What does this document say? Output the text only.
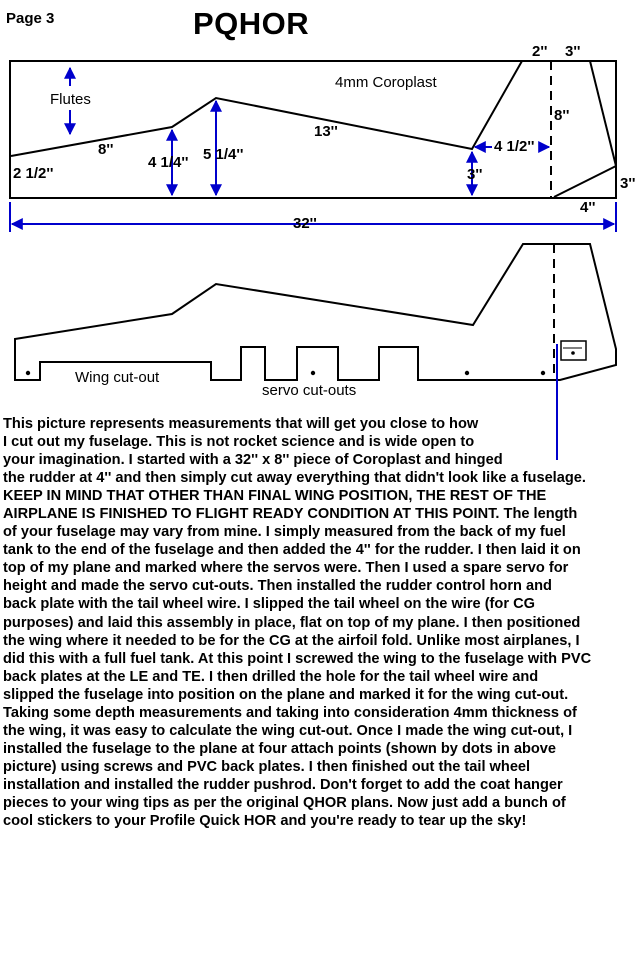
Page 3	PQHOR
4mm Coroplast
Flutes
2'' 3''
8''
2 1/2''
8''
4 1/4'' 5 1/4''
13''
4 1/2''
3''
3''
4''
32''
Wing cut-out
servo cut-outs

This picture represents measurements that will get you close to how

I cut out my fuselage. This is not rocket science and is wide open to

your imagination. I started with a 32'' x 8'' piece of Coroplast and hinged

the rudder at 4'' and then simply cut away everything that didn't look like a fuselage.

KEEP IN MIND THAT OTHER THAN FINAL WING POSITION, THE REST OF THE

AIRPLANE IS FINISHED TO FLIGHT READY CONDITION AT THIS POINT. The length

of your fuselage may vary from mine. I simply measured from the back of my fuel

tank to the end of the fuselage and then added the 4'' for the rudder. I then laid it on

top of my plane and marked where the servos were. Then I used a spare servo for

height and made the servo cut-outs. Then installed the rudder control horn and

back plate with the tail wheel wire. I slipped the tail wheel on the wire (for CG

purposes) and laid this assembly in place, flat on top of my plane. I then positioned

the wing where it needed to be for the CG at the airfoil fold. Unlike most airplanes, I

did this with a full fuel tank. At this point I screwed the wing to the fuselage with PVC

back plates at the LE and TE. I then drilled the hole for the tail wheel wire and

slipped the fuselage into position on the plane and marked it for the wing cut-out.

Taking some depth measurements and taking into consideration 4mm thickness of

the wing, it was easy to calculate the wing cut-out. Once I made the wing cut-out, I

installed the fuselage to the plane at four attach points (shown by dots in above

picture) using screws and PVC back plates. I then finished out the tail wheel

installation and installed the rudder pushrod. Don't forget to add the coat hanger

pieces to your wing tips as per the original QHOR plans. Now just add a bunch of

cool stickers to your Profile Quick HOR and you're ready to tear up the sky!
